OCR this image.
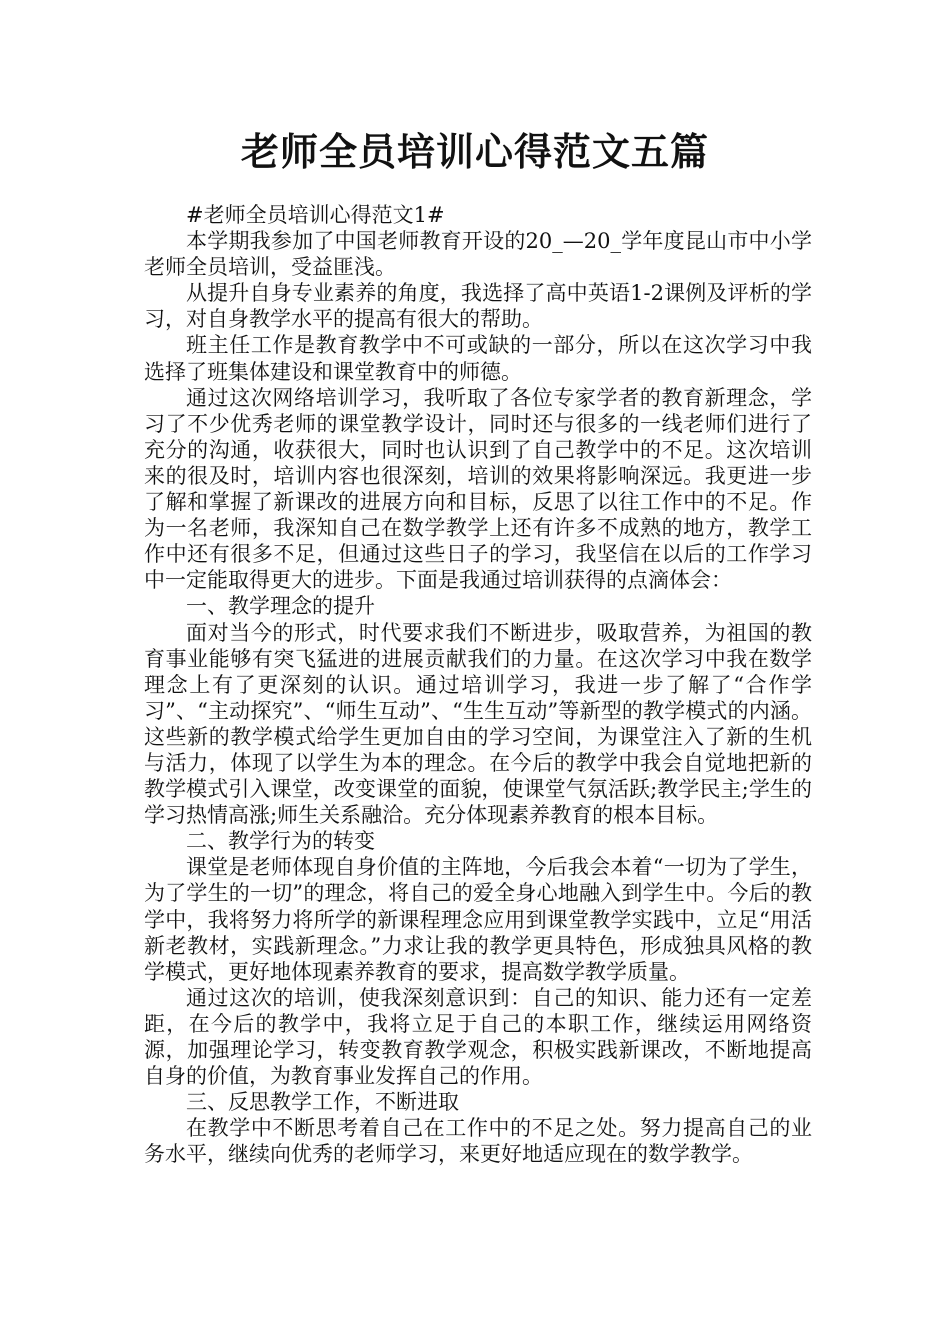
老师全员培训心得范文五篇

#老师全员培训心得范文1#

本学期我参加了中国老师教育开设的20_—20_学年度昆山市中小学老师全员培训，受益匪浅。

从提升自身专业素养的角度，我选择了高中英语1-2课例及评析的学习，对自身教学水平的提高有很大的帮助。

班主任工作是教育教学中不可或缺的一部分，所以在这次学习中我选择了班集体建设和课堂教育中的师德。

通过这次网络培训学习，我听取了各位专家学者的教育新理念，学习了不少优秀老师的课堂教学设计，同时还与很多的一线老师们进行了充分的沟通，收获很大，同时也认识到了自己教学中的不足。这次培训来的很及时，培训内容也很深刻，培训的效果将影响深远。我更进一步了解和掌握了新课改的进展方向和目标，反思了以往工作中的不足。作为一名老师，我深知自己在数学教学上还有许多不成熟的地方，教学工作中还有很多不足，但通过这些日子的学习，我坚信在以后的工作学习中一定能取得更大的进步。下面是我通过培训获得的点滴体会：

一、教学理念的提升

面对当今的形式，时代要求我们不断进步，吸取营养，为祖国的教育事业能够有突飞猛进的进展贡献我们的力量。在这次学习中我在数学理念上有了更深刻的认识。通过培训学习，我进一步了解了“合作学习”、“主动探究”、“师生互动”、“生生互动”等新型的教学模式的内涵。这些新的教学模式给学生更加自由的学习空间，为课堂注入了新的生机与活力，体现了以学生为本的理念。在今后的教学中我会自觉地把新的教学模式引入课堂，改变课堂的面貌，使课堂气氛活跃;教学民主;学生的学习热情高涨;师生关系融洽。充分体现素养教育的根本目标。

二、教学行为的转变

课堂是老师体现自身价值的主阵地，今后我会本着“一切为了学生，为了学生的一切”的理念，将自己的爱全身心地融入到学生中。今后的教学中，我将努力将所学的新课程理念应用到课堂教学实践中，立足“用活新老教材，实践新理念。”力求让我的教学更具特色，形成独具风格的教学模式，更好地体现素养教育的要求，提高数学教学质量。

通过这次的培训，使我深刻意识到：自己的知识、能力还有一定差距，在今后的教学中，我将立足于自己的本职工作，继续运用网络资源，加强理论学习，转变教育教学观念，积极实践新课改，不断地提高自身的价值，为教育事业发挥自己的作用。

三、反思教学工作，不断进取

在教学中不断思考着自己在工作中的不足之处。努力提高自己的业务水平，继续向优秀的老师学习，来更好地适应现在的数学教学。
